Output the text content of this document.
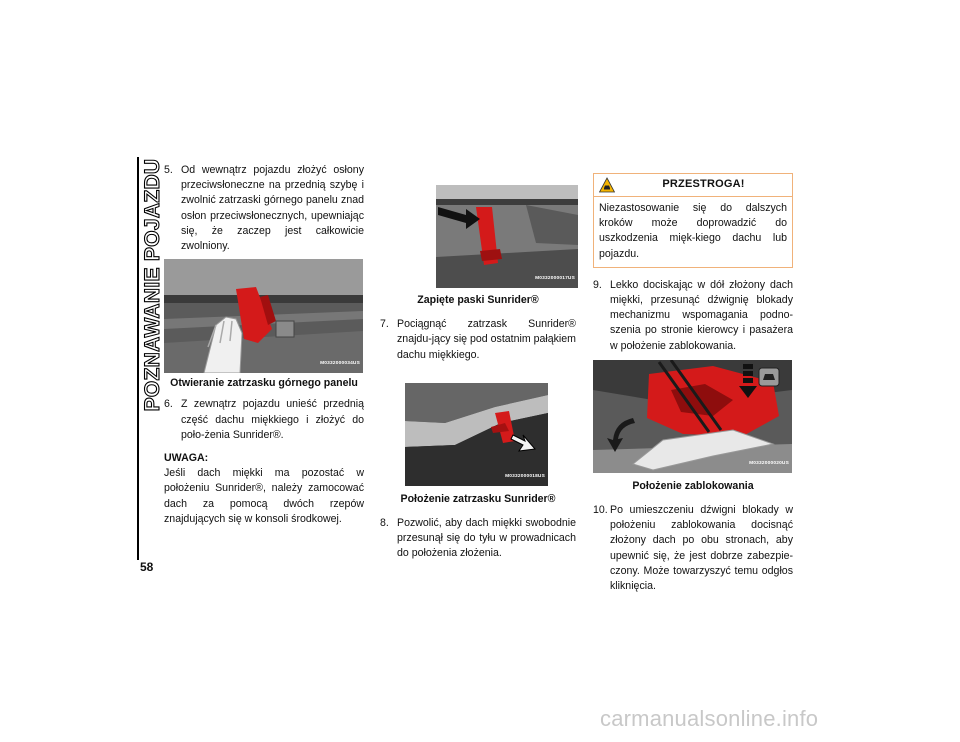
POZNAWANIE POJAZDU
58

5. Od wewnątrz pojazdu złożyć osłony przeciwsłoneczne na przednią szybę i zwolnić zatrzaski górnego panelu znad osłon przeciwsłonecznych, upewniając się, że zaczep jest całkowicie zwolniony.

M0332000034US

Otwieranie zatrzasku górnego panelu

6. Z zewnątrz pojazdu unieść przednią część dachu miękkiego i złożyć do poło-żenia Sunrider®.

UWAGA:

Jeśli dach miękki ma pozostać w położeniu Sunrider®, należy zamocować dach za pomocą dwóch rzepów znajdujących się w konsoli środkowej.

M0332000017US

Zapięte paski Sunrider®

7. Pociągnąć zatrzask Sunrider® znajdu-jący się pod ostatnim pałąkiem dachu miękkiego.

M0332000018US

Położenie zatrzasku Sunrider®

8. Pozwolić, aby dach miękki swobodnie przesunął się do tyłu w prowadnicach do położenia złożenia.

PRZESTROGA!
Niezastosowanie się do dalszych kroków może doprowadzić do uszkodzenia mięk-kiego dachu lub pojazdu.

9. Lekko dociskając w dół złożony dach miękki, przesunąć dźwignię blokady mechanizmu wspomagania podno-szenia po stronie kierowcy i pasażera w położenie zablokowania.

M0332000020US

Położenie zablokowania

10. Po umieszczeniu dźwigni blokady w położeniu zablokowania docisnąć złożony dach po obu stronach, aby upewnić się, że jest dobrze zabezpie-czony. Może towarzyszyć temu odgłos kliknięcia.

carmanualsonline.info
